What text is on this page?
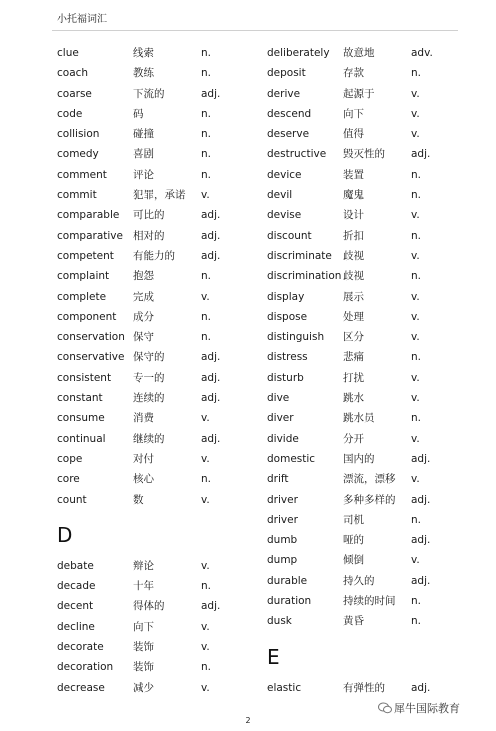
小托福词汇
clue	线索	n.
coach	教练	n.
coarse	下流的	adj.
code	码	n.
collision	碰撞	n.
comedy	喜剧	n.
comment 评论	n.
commit	犯罪，承诺 v.
comparable 可比的	adj.
comparative 相对的	adj.
competent 有能力的 adj.
complaint 抱怨	n.
complete	完成	v.
component 成分	n.
conservation 保守	n.
conservative 保守的	adj.
consistent 专一的	adj.
constant	连续的	adj.
consume	消费	v.
continual	继续的	adj.
cope	对付	v.
core	核心	n.
count	数	v.
D
debate	辩论	v.
decade	十年	n.
decent	得体的	adj.
decline	向下	v.
decorate	装饰	v.
decoration 装饰	n.
decrease	减少	v.
deliberately 故意地	adv.
deposit	存款	n.
derive	起源于	v.
descend	向下	v.
deserve	值得	v.
destructive 毁灭性的 adj.
device	装置	n.
devil	魔鬼	n.
devise	设计	v.
discount	折扣	n.
discriminate 歧视	v.
discrimination 歧视	n.
display	展示	v.
dispose	处理	v.
distinguish 区分	v.
distress	悲痛	n.
disturb	打扰	v.
dive	跳水	v.
diver	跳水员	n.
divide	分开	v.
domestic	国内的	adj.
drift	漂流，漂移 v.
driver	多种多样的 adj.
driver	司机	n.
dumb	哑的	adj.
dump	倾倒	v.
durable	持久的	adj.
duration	持续的时间 n.
dusk	黄昏	n.
E
elastic	有弹性的 adj.
2
犀牛国际教育
